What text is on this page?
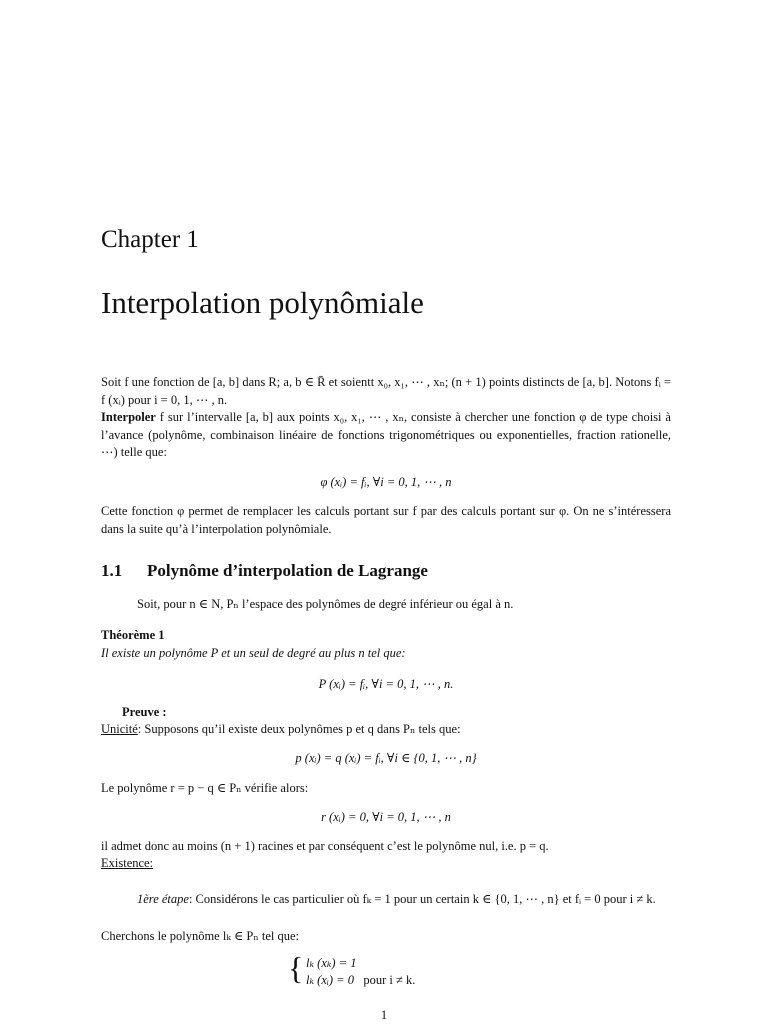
Chapter 1
Interpolation polynômiale
Soit f une fonction de [a, b] dans R; a, b ∈ R̄ et soientt x₀, x₁, ⋯ , xₙ; (n + 1) points distincts de [a, b]. Notons fᵢ = f (xᵢ) pour i = 0, 1, ⋯ , n.
Interpoler f sur l’intervalle [a, b] aux points x₀, x₁, ⋯ , xₙ, consiste à chercher une fonction φ de type choisi à l’avance (polynôme, combinaison linéaire de fonctions trigonométriques ou exponentielles, fraction rationelle, ⋯) telle que:
φ (xᵢ) = fᵢ, ∀i = 0, 1, ⋯ , n
Cette fonction φ permet de remplacer les calculs portant sur f par des calculs portant sur φ. On ne s’intéressera dans la suite qu’à l’interpolation polynômiale.
1.1 Polynôme d’interpolation de Lagrange
Soit, pour n ∈ N, Pₙ l’espace des polynômes de degré inférieur ou égal à n.
Théorème 1
Il existe un polynôme P et un seul de degré au plus n tel que:
P (xᵢ) = fᵢ, ∀i = 0, 1, ⋯ , n.
Preuve :
Unicité: Supposons qu’il existe deux polynômes p et q dans Pₙ tels que:
p (xᵢ) = q (xᵢ) = fᵢ, ∀i ∈ {0, 1, ⋯ , n}
Le polynôme r = p − q ∈ Pₙ vérifie alors:
r (xᵢ) = 0, ∀i = 0, 1, ⋯ , n
il admet donc au moins (n + 1) racines et par conséquent c’est le polynôme nul, i.e. p = q.
Existence:
1ère étape: Considérons le cas particulier où fₖ = 1 pour un certain k ∈ {0, 1, ⋯ , n} et fᵢ = 0 pour i ≠ k.
Cherchons le polynôme lₖ ∈ Pₙ tel que:
{ lₖ (xₖ) = 1
lₖ (xᵢ) = 0 pour i ≠ k.
1
